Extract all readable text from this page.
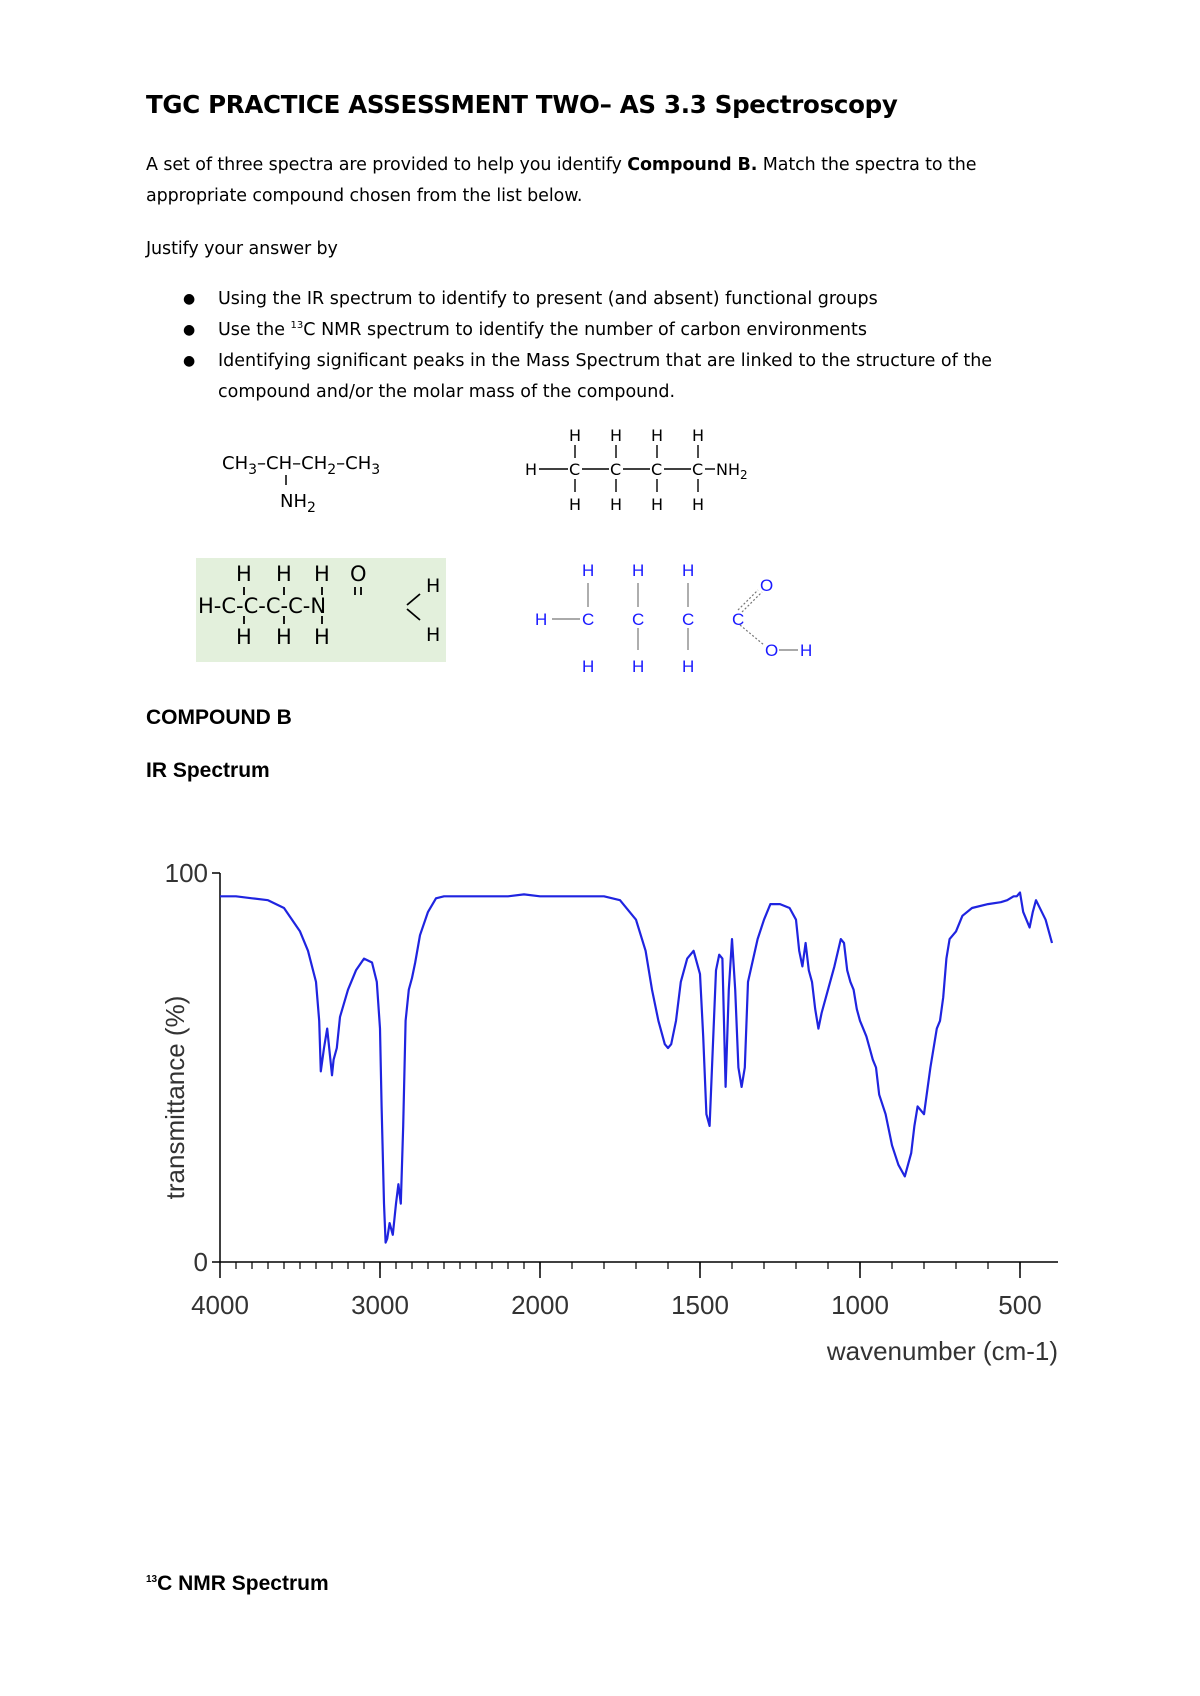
TGC PRACTICE ASSESSMENT TWO– AS 3.3 Spectroscopy
A set of three spectra are provided to help you identify Compound B. Match the spectra to the appropriate compound chosen from the list below.
Justify your answer by
● Using the IR spectrum to identify to present (and absent) functional groups
● Use the $^{13}$C NMR spectrum to identify the number of carbon environments
● Identifying significant peaks in the Mass Spectrum that are linked to the structure of the compound and/or the molar mass of the compound.
$CH_3-CH-CH_2-CH_3$
$NH_2$
H H H H
H C C C C $NH_2$
H H H H
H H H O	H
H-C-C-C-C-N
H H H	H
H H H
H C C C C
O
O H
H H H
COMPOUND B
IR Spectrum
100
0
4000	3000	2000	1500	1000	500
wavenumber (cm-1)
transmittance (%)
$^{13}$C NMR Spectrum
